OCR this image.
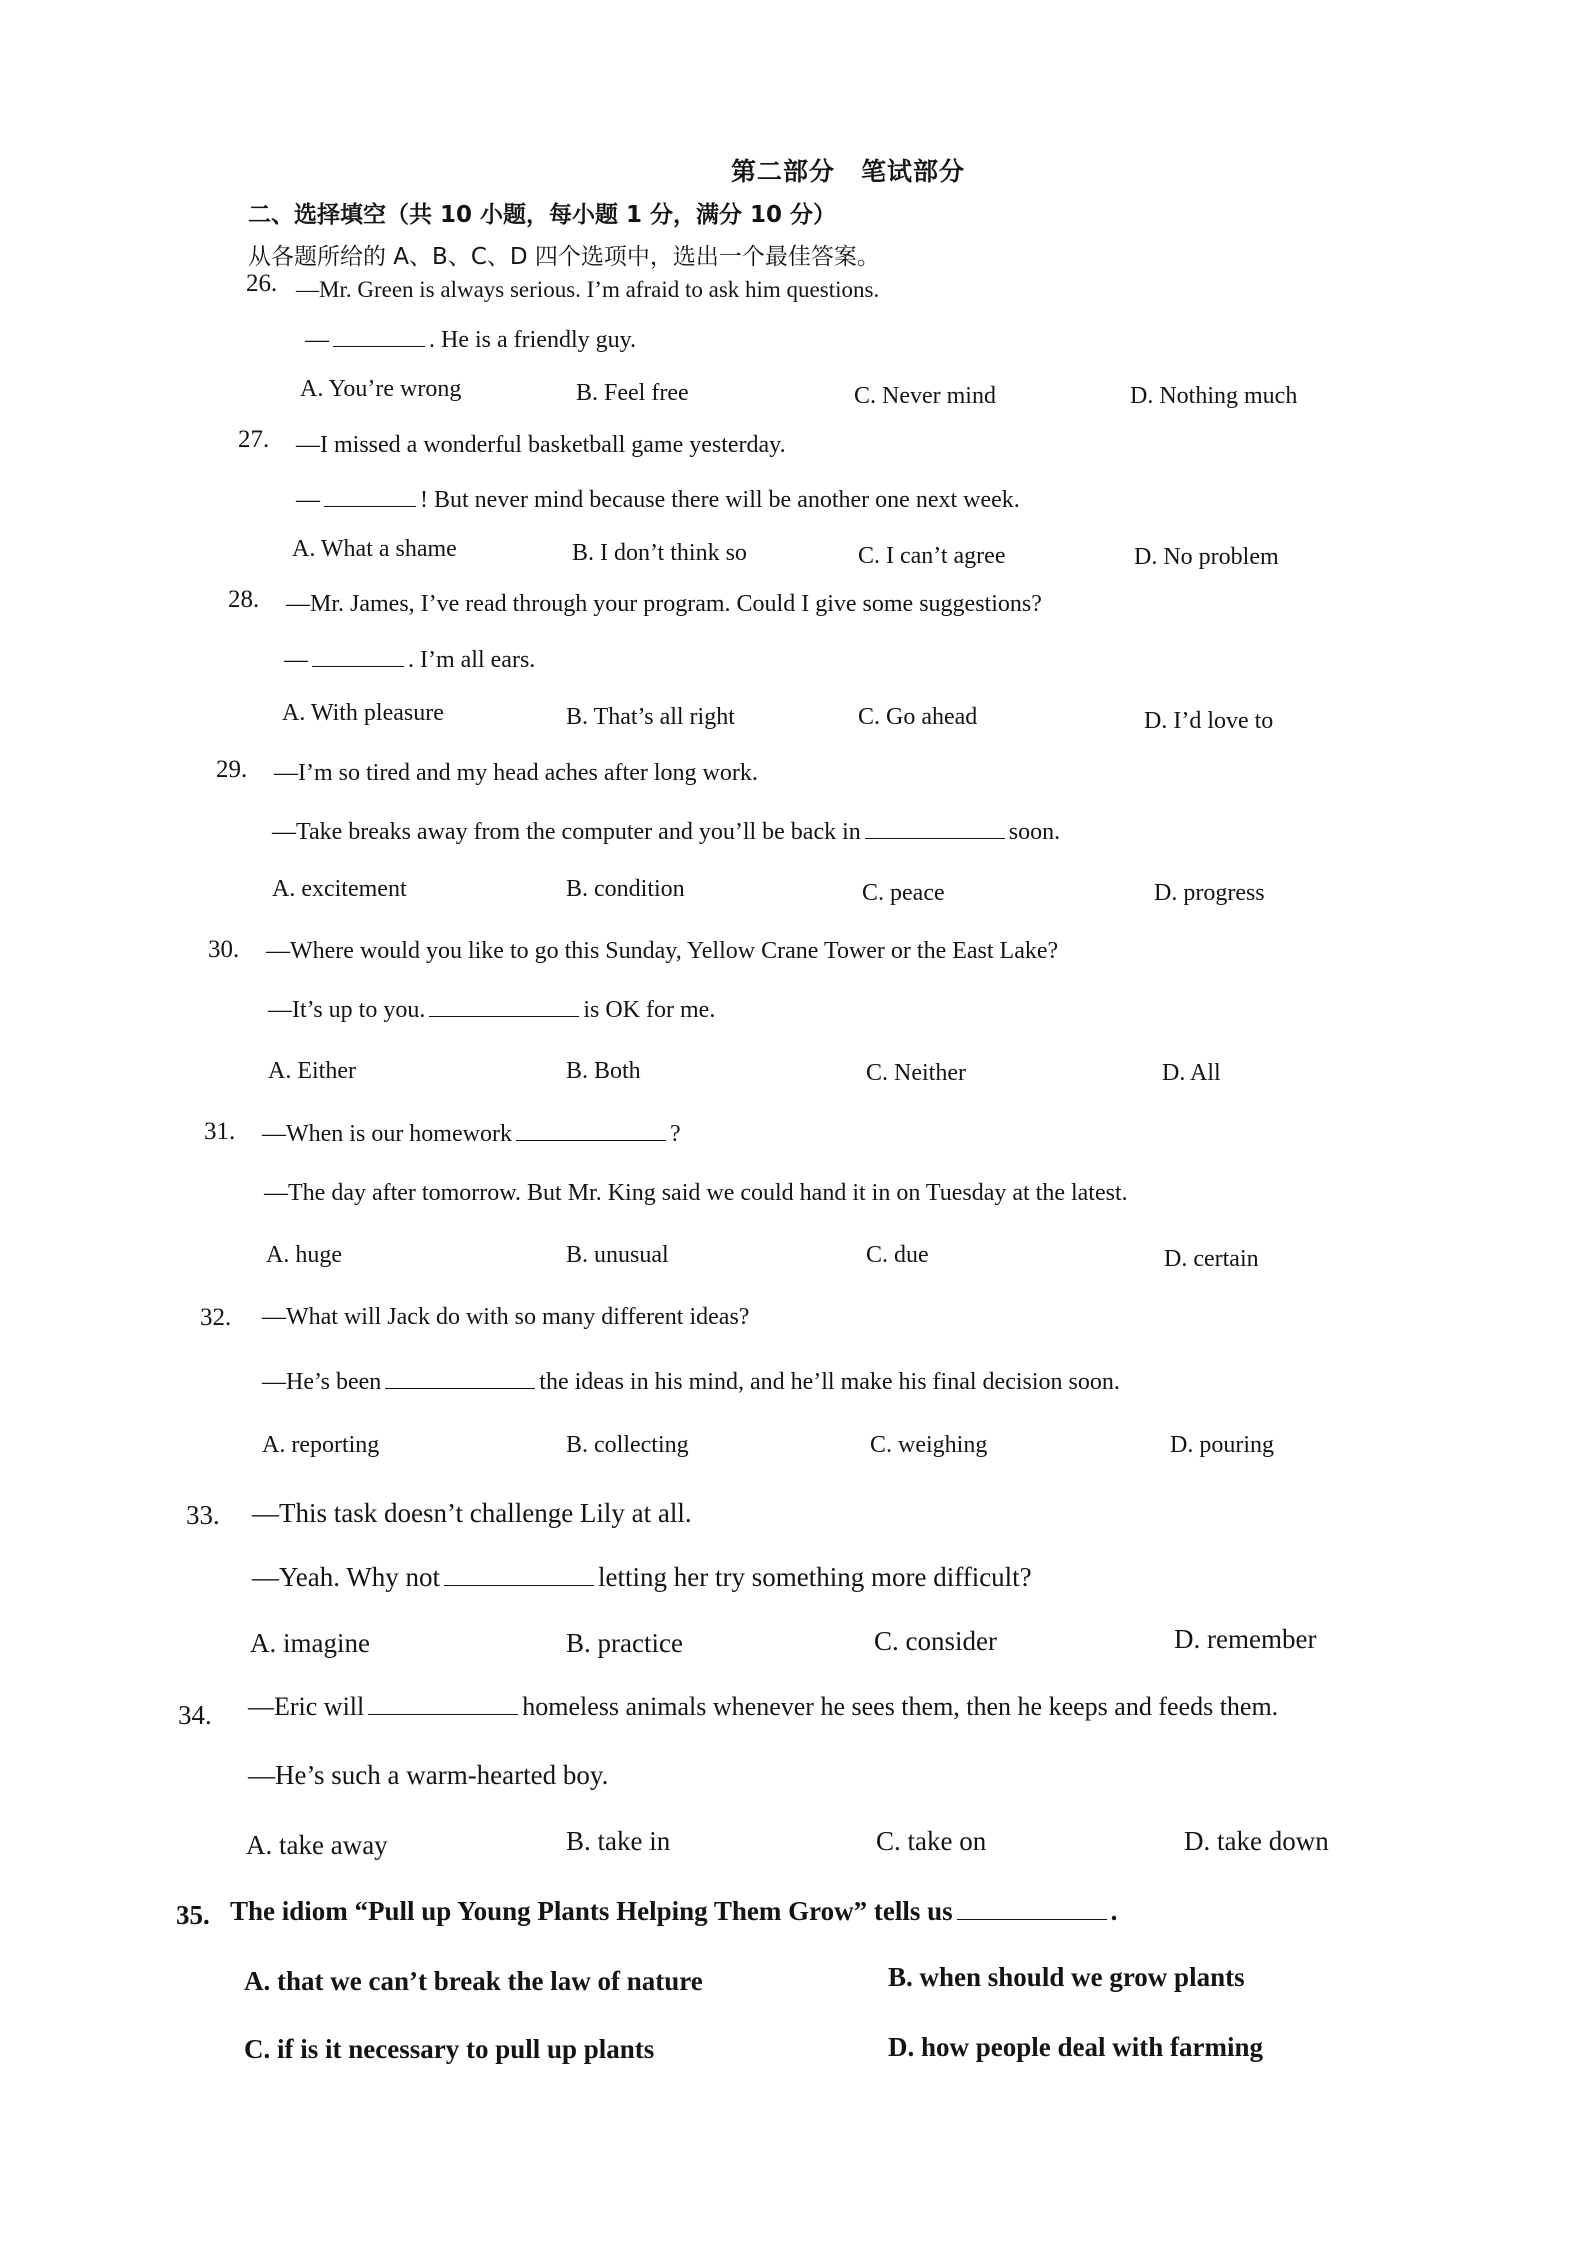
第二部分　笔试部分
二、选择填空（共 10 小题，每小题 1 分，满分 10 分）
从各题所给的 A、B、C、D 四个选项中，选出一个最佳答案。
26. —Mr. Green is always serious. I’m afraid to ask him questions.
—	. He is a friendly guy.
A. You’re wrong	B. Feel free	C. Never mind	D. Nothing much
27. —I missed a wonderful basketball game yesterday.
—	! But never mind because there will be another one next week.
A. What a shame	B. I don’t think so	C. I can’t agree	D. No problem
28. —Mr. James, I’ve read through your program. Could I give some suggestions?
—	. I’m all ears.
A. With pleasure	B. That’s all right	C. Go ahead	D. I’d love to
29. —I’m so tired and my head aches after long work.
—Take breaks away from the computer and you’ll be back in	soon.
A. excitement	B. condition	C. peace	D. progress
30. —Where would you like to go this Sunday, Yellow Crane Tower or the East Lake?
—It’s up to you.	is OK for me.
A. Either	B. Both	C. Neither	D. All
31. —When is our homework	?
—The day after tomorrow. But Mr. King said we could hand it in on Tuesday at the latest.
A. huge	B. unusual	C. due	D. certain
32. —What will Jack do with so many different ideas?
—He’s been	the ideas in his mind, and he’ll make his final decision soon.
A. reporting	B. collecting	C. weighing	D. pouring
33. —This task doesn’t challenge Lily at all.
—Yeah. Why not	letting her try something more difficult?
A. imagine	B. practice	C. consider	D. remember
34. —Eric will	homeless animals whenever he sees them, then he keeps and feeds them.
—He’s such a warm-hearted boy.
A. take away	B. take in	C. take on	D. take down
35. The idiom “Pull up Young Plants Helping Them Grow” tells us	.
A. that we can’t break the law of nature	B. when should we grow plants
C. if is it necessary to pull up plants	D. how people deal with farming
